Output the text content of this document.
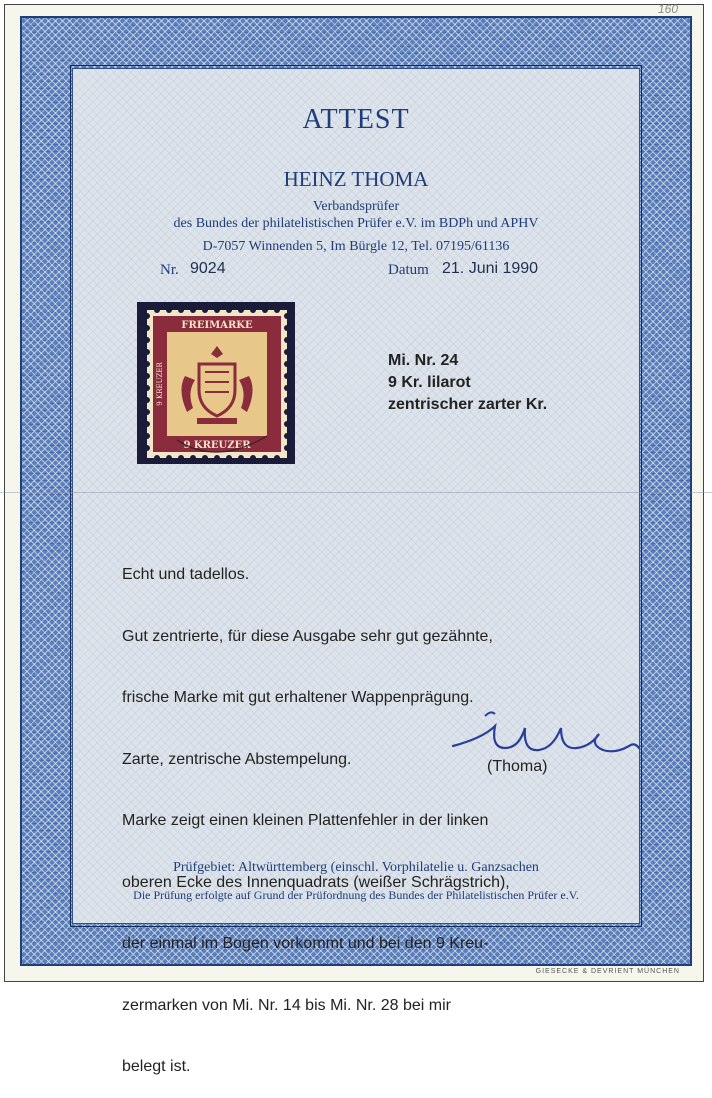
160
ATTEST
HEINZ THOMA
Verbandsprüfer
des Bundes der philatelistischen Prüfer e.V. im BDPh und APHV
D-7057 Winnenden 5, Im Bürgle 12, Tel. 07195/61136
Nr. 9024	Datum 21. Juni 1990
FREIMARKE
9 KREUZER
9 KREUZER
Mi. Nr. 24
9 Kr. lilarot
zentrischer zarter Kr.

Echt und tadellos.

Gut zentrierte, für diese Ausgabe sehr gut gezähnte,

frische Marke mit gut erhaltener Wappenprägung.

Zarte, zentrische Abstempelung.

Marke zeigt einen kleinen Plattenfehler in der linken

oberen Ecke des Innenquadrats (weißer Schrägstrich),

der einmal im Bogen vorkommt und bei den 9 Kreu-

zermarken von Mi. Nr. 14 bis Mi. Nr. 28 bei mir

belegt ist.

(Thoma)
Prüfgebiet: Altwürttemberg (einschl. Vorphilatelie u. Ganzsachen
Die Prüfung erfolgte auf Grund der Prüfordnung des Bundes der Philatelistischen Prüfer e.V.
GIESECKE & DEVRIENT MÜNCHEN
